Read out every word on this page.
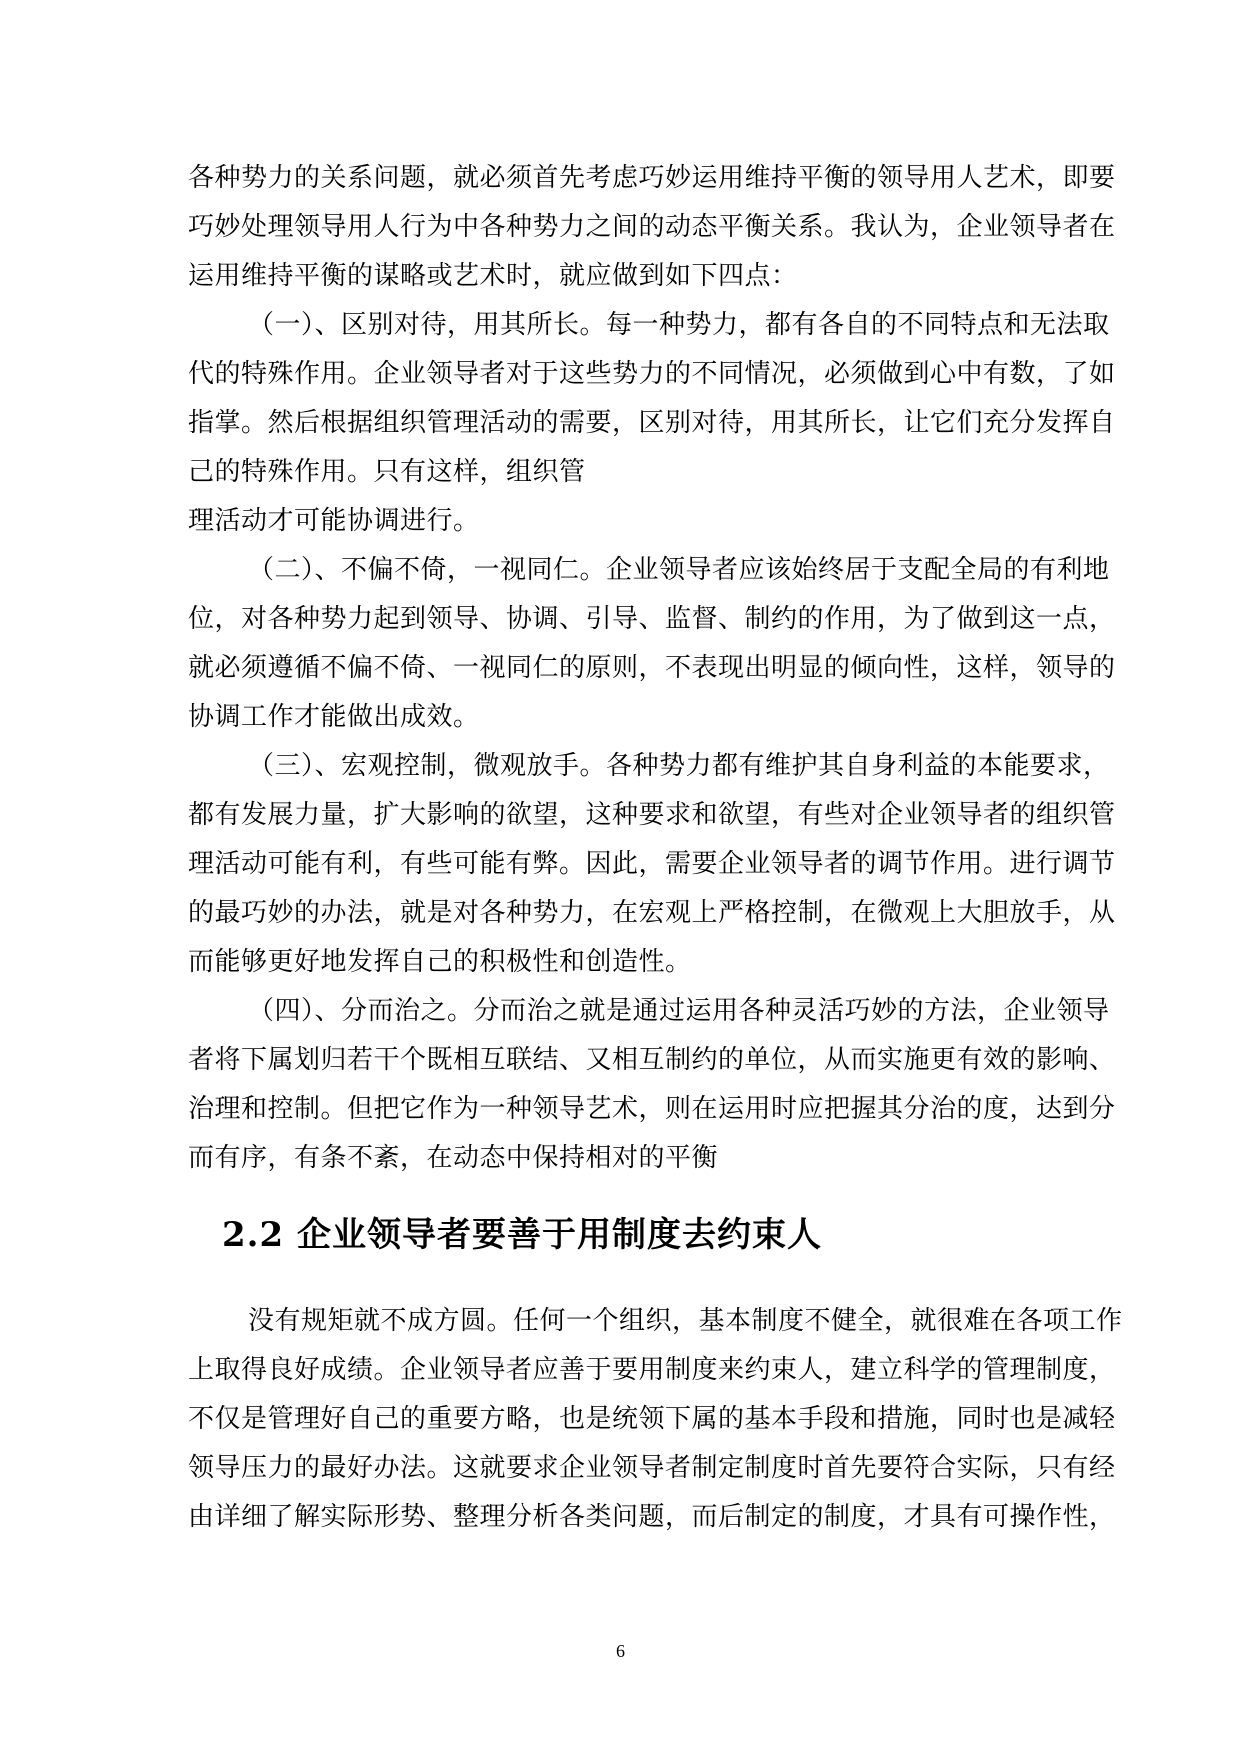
各种势力的关系问题，就必须首先考虑巧妙运用维持平衡的领导用人艺术，即要
巧妙处理领导用人行为中各种势力之间的动态平衡关系。我认为，企业领导者在
运用维持平衡的谋略或艺术时，就应做到如下四点：
（一）、区别对待，用其所长。每一种势力，都有各自的不同特点和无法取
代的特殊作用。企业领导者对于这些势力的不同情况，必须做到心中有数，了如
指掌。然后根据组织管理活动的需要，区别对待，用其所长，让它们充分发挥自
己的特殊作用。只有这样，组织管
理活动才可能协调进行。
（二）、不偏不倚，一视同仁。企业领导者应该始终居于支配全局的有利地
位，对各种势力起到领导、协调、引导、监督、制约的作用，为了做到这一点，
就必须遵循不偏不倚、一视同仁的原则，不表现出明显的倾向性，这样，领导的
协调工作才能做出成效。
（三）、宏观控制，微观放手。各种势力都有维护其自身利益的本能要求，
都有发展力量，扩大影响的欲望，这种要求和欲望，有些对企业领导者的组织管
理活动可能有利，有些可能有弊。因此，需要企业领导者的调节作用。进行调节
的最巧妙的办法，就是对各种势力，在宏观上严格控制，在微观上大胆放手，从
而能够更好地发挥自己的积极性和创造性。
（四）、分而治之。分而治之就是通过运用各种灵活巧妙的方法，企业领导
者将下属划归若干个既相互联结、又相互制约的单位，从而实施更有效的影响、
治理和控制。但把它作为一种领导艺术，则在运用时应把握其分治的度，达到分
而有序，有条不紊，在动态中保持相对的平衡
2.2 企业领导者要善于用制度去约束人
没有规矩就不成方圆。任何一个组织，基本制度不健全，就很难在各项工作
上取得良好成绩。企业领导者应善于要用制度来约束人，建立科学的管理制度，
不仅是管理好自己的重要方略，也是统领下属的基本手段和措施，同时也是减轻
领导压力的最好办法。这就要求企业领导者制定制度时首先要符合实际，只有经
由详细了解实际形势、整理分析各类问题，而后制定的制度，才具有可操作性，
6
